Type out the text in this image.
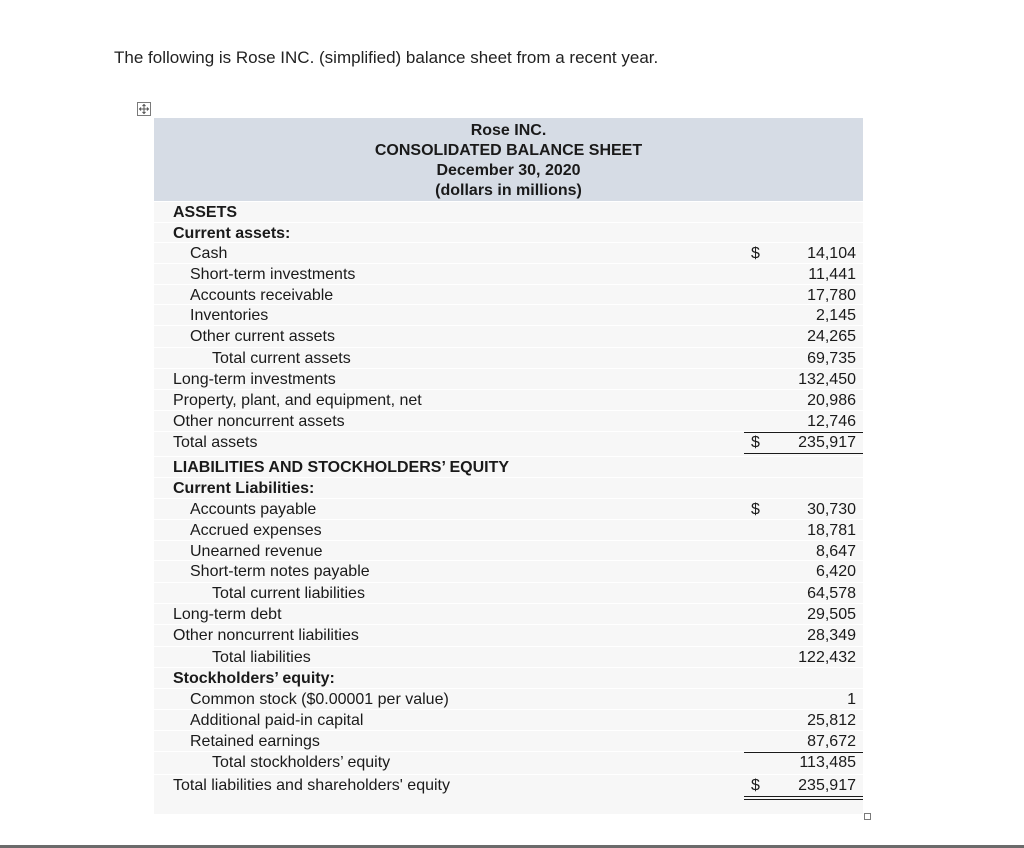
The following is Rose INC. (simplified) balance sheet from a recent year.
Rose INC.
CONSOLIDATED BALANCE SHEET
December 30, 2020
(dollars in millions)
ASSETS
Current assets:
Cash	$	14,104
Short-term investments	11,441
Accounts receivable	17,780
Inventories	2,145
Other current assets	24,265
Total current assets	69,735
Long-term investments	132,450
Property, plant, and equipment, net	20,986
Other noncurrent assets	12,746
Total assets	$ 235,917
LIABILITIES AND STOCKHOLDERS’ EQUITY
Current Liabilities:
Accounts payable	$	30,730
Accrued expenses	18,781
Unearned revenue	8,647
Short-term notes payable	6,420
Total current liabilities	64,578
Long-term debt	29,505
Other noncurrent liabilities	28,349
Total liabilities	122,432
Stockholders’ equity:
Common stock ($0.00001 per value)	1
Additional paid-in capital	25,812
Retained earnings	87,672
Total stockholders’ equity	113,485
Total liabilities and shareholders' equity	$ 235,917
